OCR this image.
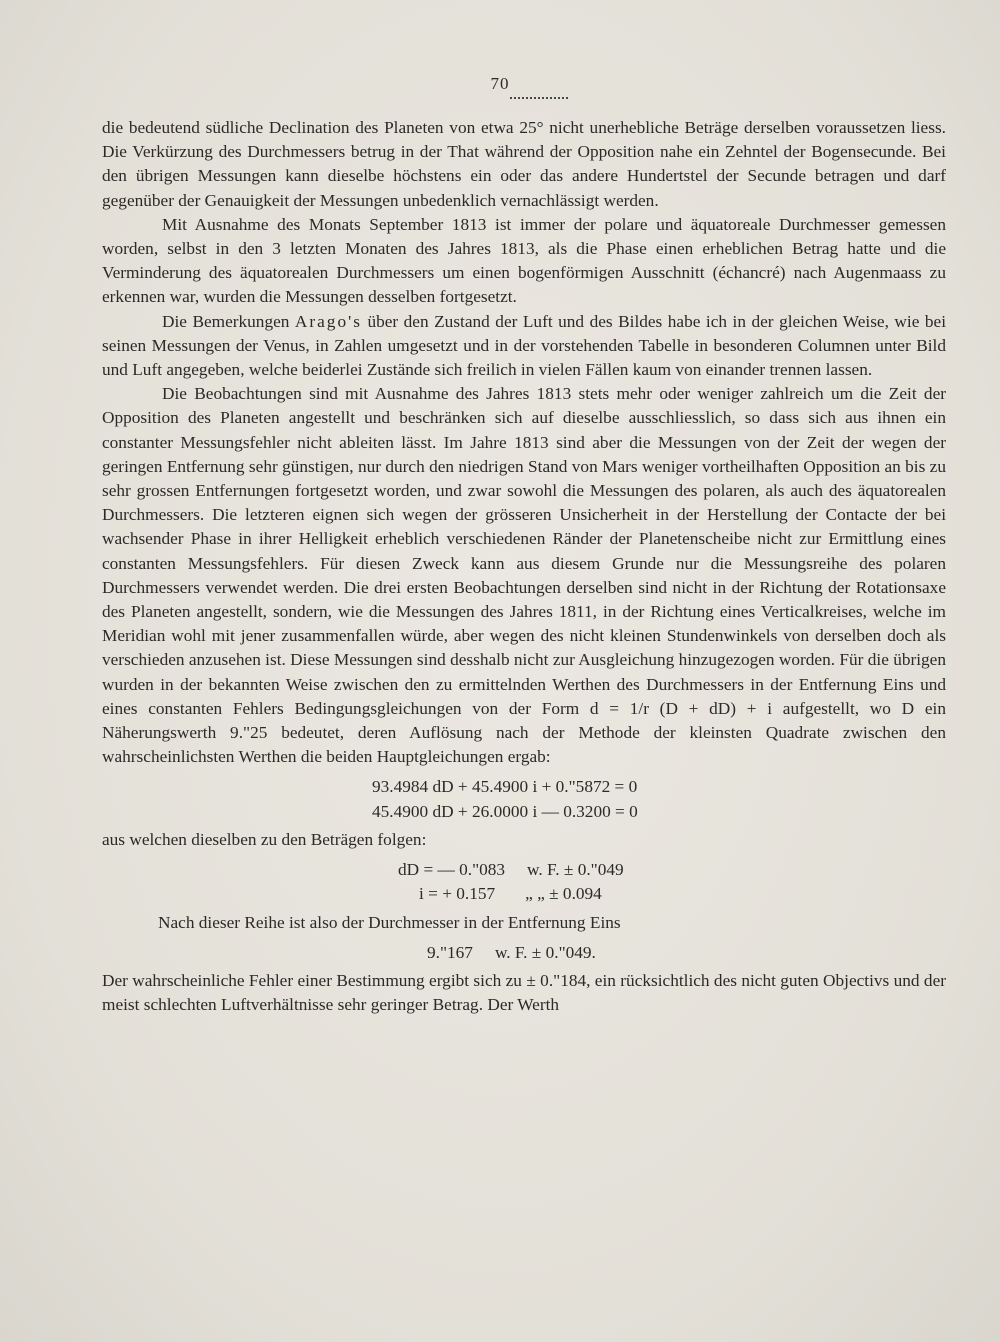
70

die bedeutend südliche Declination des Planeten von etwa 25° nicht unerhebliche Beträge derselben voraussetzen liess. Die Verkürzung des Durchmessers betrug in der That während der Opposition nahe ein Zehntel der Bogensecunde. Bei den übrigen Messungen kann dieselbe höchstens ein oder das andere Hundertstel der Secunde betragen und darf gegenüber der Genauigkeit der Messungen unbedenklich vernachlässigt werden.

Mit Ausnahme des Monats September 1813 ist immer der polare und äquatoreale Durchmesser gemessen worden, selbst in den 3 letzten Monaten des Jahres 1813, als die Phase einen erheblichen Betrag hatte und die Verminderung des äquatorealen Durchmessers um einen bogenförmigen Ausschnitt (échancré) nach Augenmaass zu erkennen war, wurden die Messungen desselben fortgesetzt.

Die Bemerkungen Arago's über den Zustand der Luft und des Bildes habe ich in der gleichen Weise, wie bei seinen Messungen der Venus, in Zahlen umgesetzt und in der vorstehenden Tabelle in besonderen Columnen unter Bild und Luft angegeben, welche beiderlei Zustände sich freilich in vielen Fällen kaum von einander trennen lassen.

Die Beobachtungen sind mit Ausnahme des Jahres 1813 stets mehr oder weniger zahlreich um die Zeit der Opposition des Planeten angestellt und beschränken sich auf dieselbe ausschliesslich, so dass sich aus ihnen ein constanter Messungsfehler nicht ableiten lässt. Im Jahre 1813 sind aber die Messungen von der Zeit der wegen der geringen Entfernung sehr günstigen, nur durch den niedrigen Stand von Mars weniger vortheilhaften Opposition an bis zu sehr grossen Entfernungen fortgesetzt worden, und zwar sowohl die Messungen des polaren, als auch des äquatorealen Durchmessers. Die letzteren eignen sich wegen der grösseren Unsicherheit in der Herstellung der Contacte der bei wachsender Phase in ihrer Helligkeit erheblich verschiedenen Ränder der Planetenscheibe nicht zur Ermittlung eines constanten Messungsfehlers. Für diesen Zweck kann aus diesem Grunde nur die Messungsreihe des polaren Durchmessers verwendet werden. Die drei ersten Beobachtungen derselben sind nicht in der Richtung der Rotationsaxe des Planeten angestellt, sondern, wie die Messungen des Jahres 1811, in der Richtung eines Verticalkreises, welche im Meridian wohl mit jener zusammenfallen würde, aber wegen des nicht kleinen Stundenwinkels von derselben doch als verschieden anzusehen ist. Diese Messungen sind desshalb nicht zur Ausgleichung hinzugezogen worden. Für die übrigen wurden in der bekannten Weise zwischen den zu ermittelnden Werthen des Durchmessers in der Entfernung Eins und eines constanten Fehlers Bedingungsgleichungen von der Form d = 1/r (D + dD) + i aufgestellt, wo D ein Näherungswerth 9."25 bedeutet, deren Auflösung nach der Methode der kleinsten Quadrate zwischen den wahrscheinlichsten Werthen die beiden Hauptgleichungen ergab:

93.4984 dD + 45.4900 i + 0."5872 = 0
45.4900 dD + 26.0000 i — 0.3200 = 0

aus welchen dieselben zu den Beträgen folgen:

dD = — 0."083 w. F. ± 0."049
i = + 0.157 „ „ ± 0.094

Nach dieser Reihe ist also der Durchmesser in der Entfernung Eins

9."167 w. F. ± 0."049.

Der wahrscheinliche Fehler einer Bestimmung ergibt sich zu ± 0."184, ein rücksichtlich des nicht guten Objectivs und der meist schlechten Luftverhältnisse sehr geringer Betrag. Der Werth
